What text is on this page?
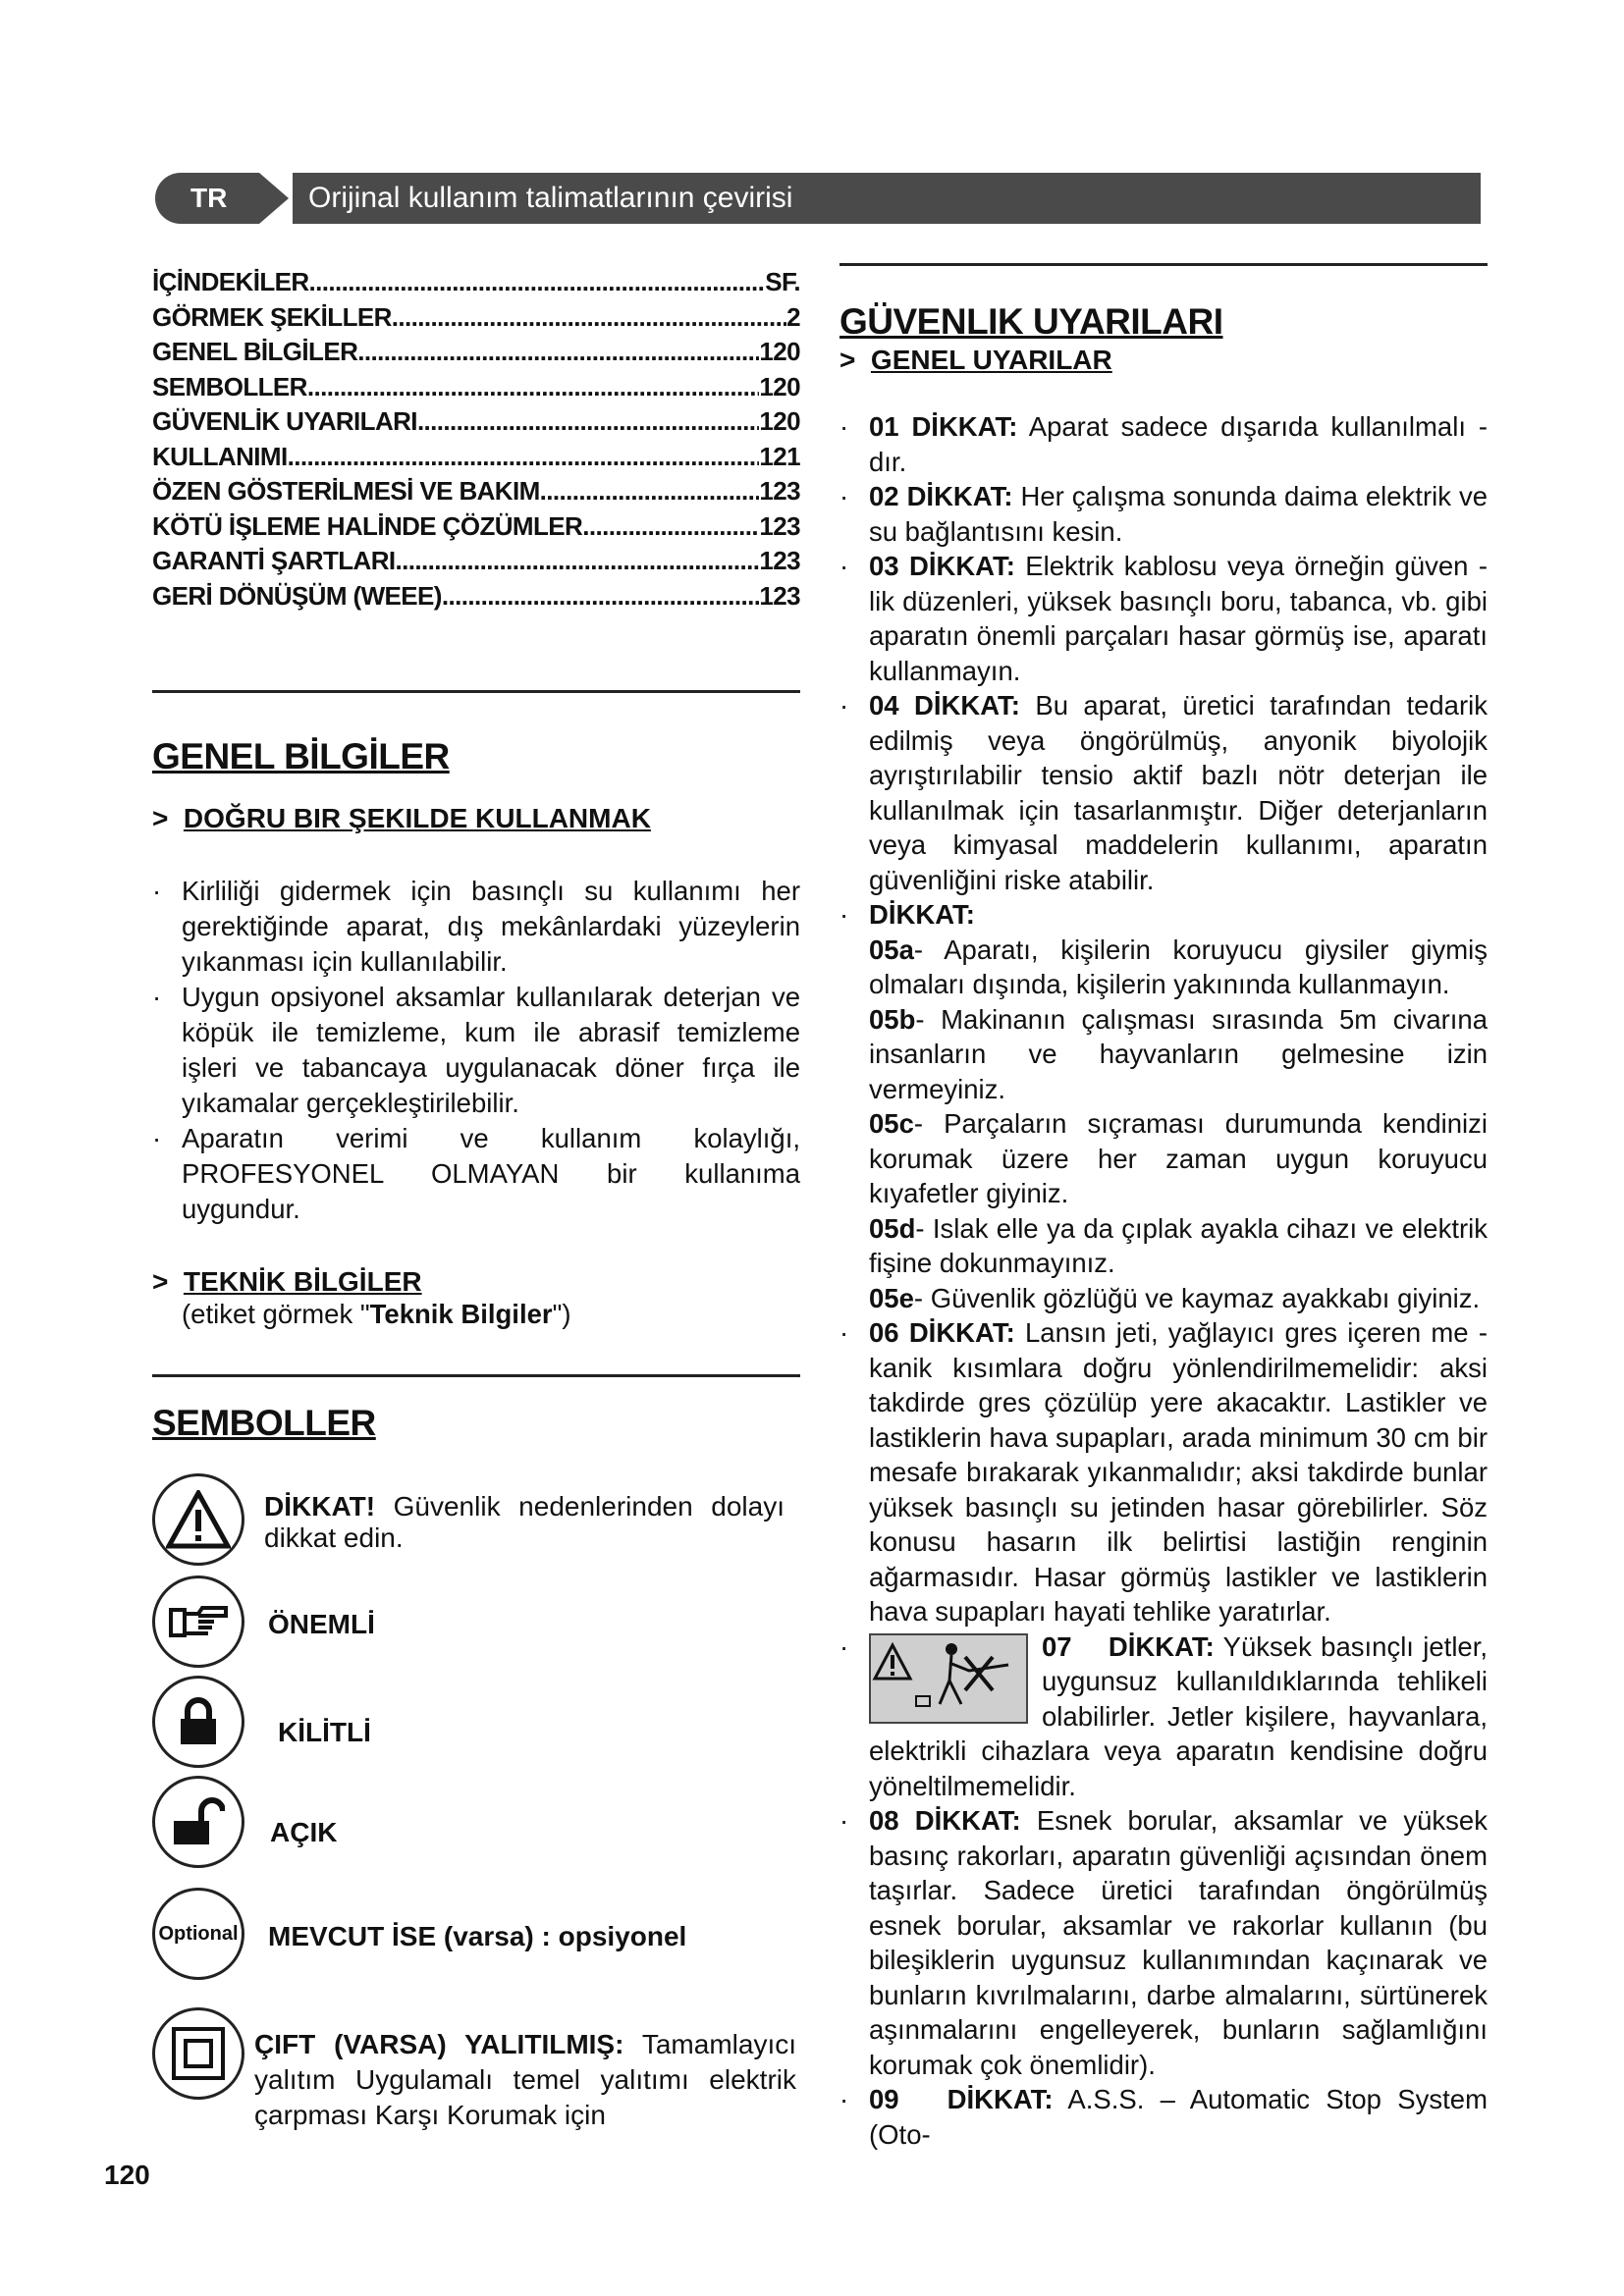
TR	Orijinal kullanım talimatlarının çevirisi
İÇİNDEKİLER .....	SF.
GÖRMEK ŞEKİLLER .....	2
GENEL BİLGİLER .....	120
SEMBOLLER .....	120
GÜVENLİK UYARILARI .....	120
KULLANIMI .....	121
ÖZEN GÖSTERİLMESİ VE BAKIM .....	123
KÖTÜ İŞLEME HALİNDE ÇÖZÜMLER .....	123
GARANTİ ŞARTLARI .....	123
GERİ DÖNÜŞÜM (WEEE) .....	123
GENEL BİLGİLER

> DOĞRU BIR ŞEKILDE KULLANMAK

· Kirliliği gidermek için basınçlı su kullanımı her gerektiğinde aparat, dış mekânlardaki yüzeylerin yıkanması için kullanılabilir.
· Uygun opsiyonel aksamlar kullanılarak deterjan ve köpük ile temizleme, kum ile abrasif temizleme işleri ve tabancaya uygulanacak döner fırça ile yıkamalar gerçekleştirilebilir.
· Aparatın verimi ve kullanım kolaylığı, PROFESYONEL OLMAYAN bir kullanıma uygundur.

> TEKNİK BİLGİLER

(etiket görmek "Teknik Bilgiler")

SEMBOLLER
DİKKAT! Güvenlik nedenlerinden dolayı dikkat edin.
ÖNEMLİ
KİLİTLİ
AÇIK
Optional MEVCUT İSE (varsa) : opsiyonel
ÇIFT (VARSA) YALITILMIŞ: Tamamlayıcı yalıtım Uygulamalı temel yalıtımı elektrik çarpması Karşı Korumak için
GÜVENLIK UYARILARI

> GENEL UYARILAR

· 01 DİKKAT: Aparat sadece dışarıda kullanılmalı - dır.
· 02 DİKKAT: Her çalışma sonunda daima elektrik ve su bağlantısını kesin.
· 03 DİKKAT: Elektrik kablosu veya örneğin güven - lik düzenleri, yüksek basınçlı boru, tabanca, vb. gibi aparatın önemli parçaları hasar görmüş ise, aparatı kullanmayın.
· 04 DİKKAT: Bu aparat, üretici tarafından tedarik edilmiş veya öngörülmüş, anyonik biyolojik ayrıştırılabilir tensio aktif bazlı nötr deterjan ile kullanılmak için tasarlanmıştır. Diğer deterjanların veya kimyasal maddelerin kullanımı, aparatın güvenliğini riske atabilir.
· DİKKAT:
05a- Aparatı, kişilerin koruyucu giysiler giymiş olmaları dışında, kişilerin yakınında kullanmayın.
05b- Makinanın çalışması sırasında 5m civarına insanların ve hayvanların gelmesine izin vermeyiniz.
05c- Parçaların sıçraması durumunda kendinizi korumak üzere her zaman uygun koruyucu kıyafetler giyiniz.
05d- Islak elle ya da çıplak ayakla cihazı ve elektrik fişine dokunmayınız.
05e- Güvenlik gözlüğü ve kaymaz ayakkabı giyiniz.
· 06 DİKKAT: Lansın jeti, yağlayıcı gres içeren me - kanik kısımlara doğru yönlendirilmemelidir: aksi takdirde gres çözülüp yere akacaktır. Lastikler ve lastiklerin hava supapları, arada minimum 30 cm bir mesafe bırakarak yıkanmalıdır; aksi takdirde bunlar yüksek basınçlı su jetinden hasar görebilirler. Söz konusu hasarın ilk belirtisi lastiğin renginin ağarmasıdır. Hasar görmüş lastikler ve lastiklerin hava supapları hayati tehlike yaratırlar.
·	07 DİKKAT: Yüksek basınçlı jetler, uygunsuz kullanıldıklarında tehlikeli olabilirler. Jetler kişilere, hayvanlara, elektrikli cihazlara veya aparatın kendisine doğru yöneltilmemelidir.
· 08 DİKKAT: Esnek borular, aksamlar ve yüksek basınç rakorları, aparatın güvenliği açısından önem taşırlar. Sadece üretici tarafından öngörülmüş esnek borular, aksamlar ve rakorlar kullanın (bu bileşiklerin uygunsuz kullanımından kaçınarak ve bunların kıvrılmalarını, darbe almalarını, sürtünerek aşınmalarını engelleyerek, bunların sağlamlığını korumak çok önemlidir).
· 09 DİKKAT: A.S.S. – Automatic Stop System (Oto-
120
